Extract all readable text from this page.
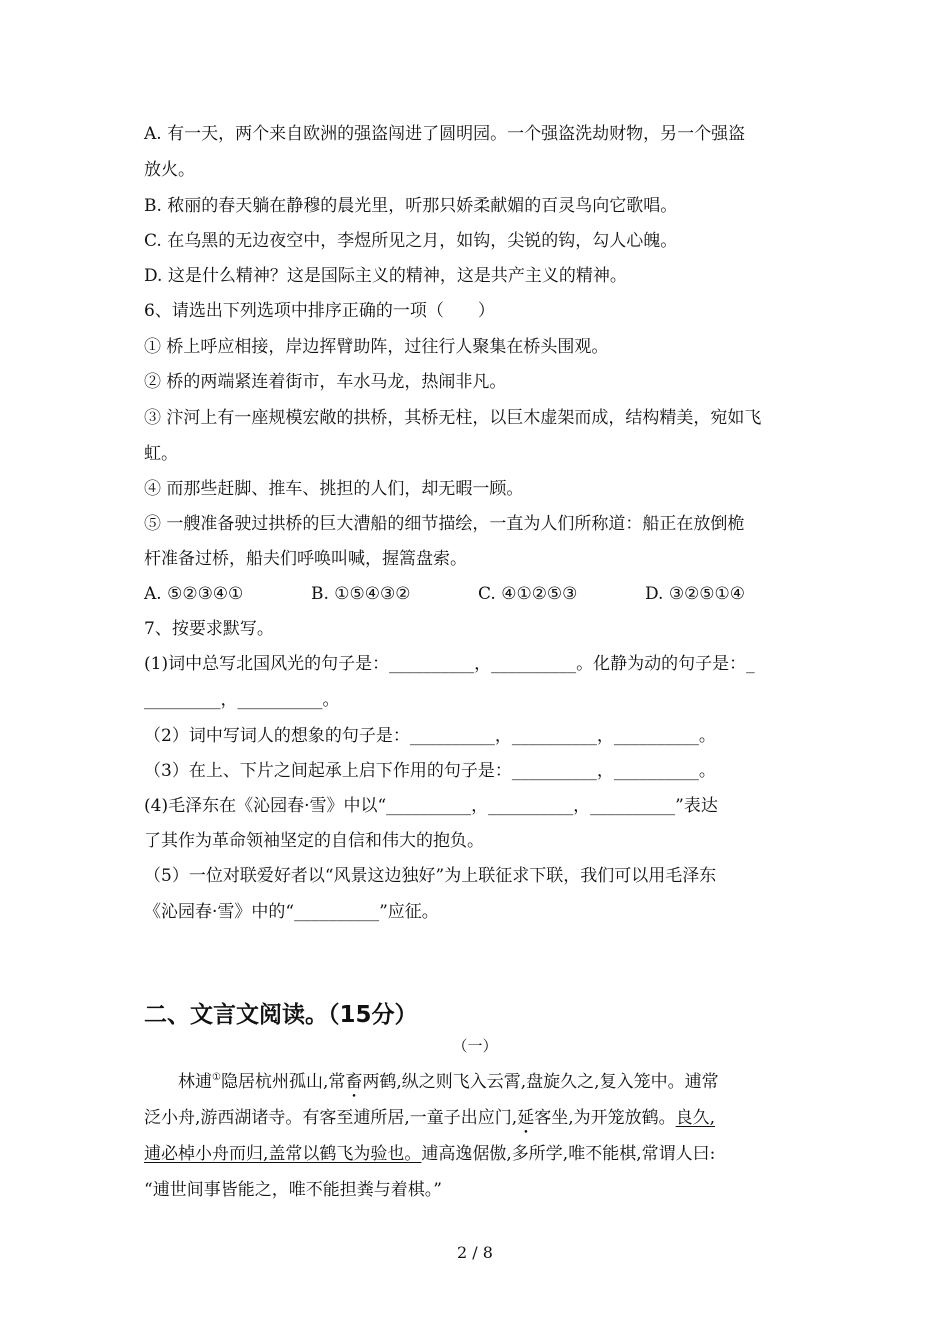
A. 有一天，两个来自欧洲的强盗闯进了圆明园。一个强盗洗劫财物，另一个强盗
放火。
B. 秾丽的春天躺在静穆的晨光里，听那只娇柔献媚的百灵鸟向它歌唱。
C. 在乌黑的无边夜空中，李煜所见之月，如钩，尖锐的钩，勾人心魄。
D. 这是什么精神？这是国际主义的精神，这是共产主义的精神。
6、请选出下列选项中排序正确的一项（　　）
① 桥上呼应相接，岸边挥臂助阵，过往行人聚集在桥头围观。
② 桥的两端紧连着街市，车水马龙，热闹非凡。
③ 汴河上有一座规模宏敞的拱桥，其桥无柱，以巨木虚架而成，结构精美，宛如飞
虹。
④ 而那些赶脚、推车、挑担的人们，却无暇一顾。
⑤ 一艘准备驶过拱桥的巨大漕船的细节描绘，一直为人们所称道：船正在放倒桅
杆准备过桥，船夫们呼唤叫喊，握篙盘索。
A. ⑤②③④①	B. ①⑤④③②	C. ④①②⑤③	D. ③②⑤①④
7、按要求默写。
(1)词中总写北国风光的句子是：__________，__________。化静为动的句子是：_
_________，__________。
（2）词中写词人的想象的句子是：__________，__________，__________。
（3）在上、下片之间起承上启下作用的句子是：__________，__________。
(4)毛泽东在《沁园春·雪》中以“__________，__________，__________”表达
了其作为革命领袖坚定的自信和伟大的抱负。
（5）一位对联爱好者以“风景这边独好”为上联征求下联，我们可以用毛泽东
《沁园春·雪》中的“__________”应征。
二、文言文阅读。（15分）
（一）
林逋①隐居杭州孤山,常畜两鹤,纵之则飞入云霄,盘旋久之,复入笼中。逋常
泛小舟,游西湖诸寺。有客至逋所居,一童子出应门,延客坐,为开笼放鹤。良久,
逋必棹小舟而归,盖常以鹤飞为验也。逋高逸倨傲,多所学,唯不能棋,常谓人曰:
“逋世间事皆能之，唯不能担粪与着棋。”
2 / 8
